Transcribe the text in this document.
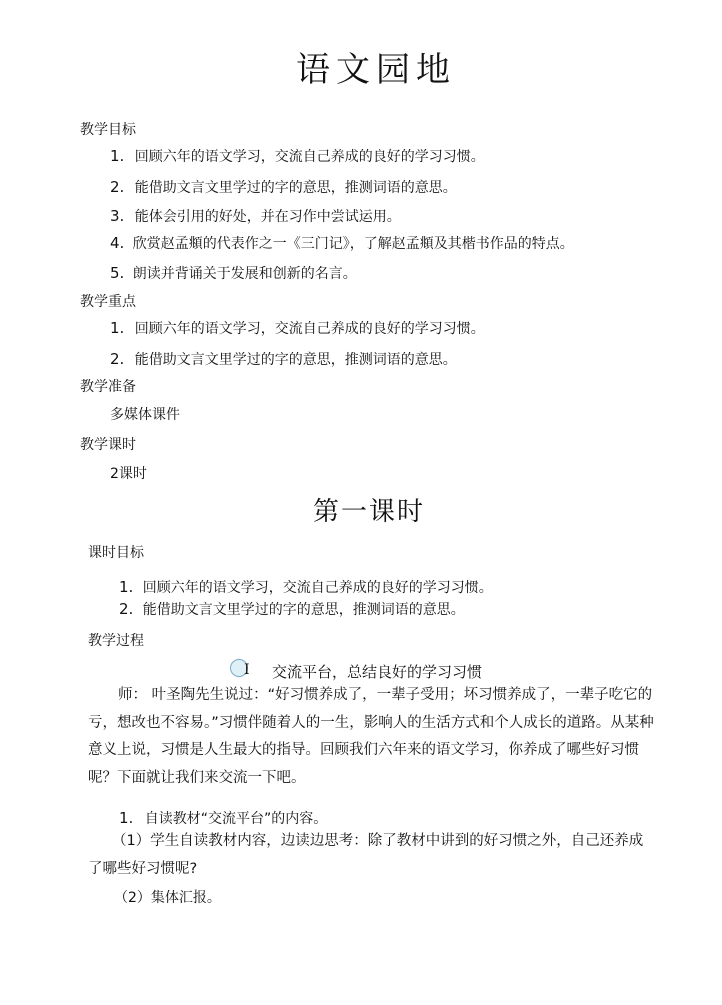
语文园地
教学目标
1. 回顾六年的语文学习，交流自己养成的良好的学习习惯。
2. 能借助文言文里学过的字的意思，推测词语的意思。
3. 能体会引用的好处，并在习作中尝试运用。
4. 欣赏赵孟頫的代表作之一《三门记》，了解赵孟頫及其楷书作品的特点。
5. 朗读并背诵关于发展和创新的名言。
教学重点
1. 回顾六年的语文学习，交流自己养成的良好的学习习惯。
2. 能借助文言文里学过的字的意思，推测词语的意思。
教学准备
多媒体课件
教学课时
2课时
第一课时
课时目标
1. 回顾六年的语文学习，交流自己养成的良好的学习习惯。
2. 能借助文言文里学过的字的意思，推测词语的意思。
教学过程
I 交流平台，总结良好的学习习惯
师： 叶圣陶先生说过：“好习惯养成了，一辈子受用；坏习惯养成了，一辈子吃它的亏，想改也不容易。”习惯伴随着人的一生，影响人的生活方式和个人成长的道路。从某种意义上说，习惯是人生最大的指导。回顾我们六年来的语文学习，你养成了哪些好习惯呢？下面就让我们来交流一下吧。
1. 自读教材“交流平台”的内容。
（1）学生自读教材内容，边读边思考：除了教材中讲到的好习惯之外，自己还养成了哪些好习惯呢?
（2）集体汇报。
